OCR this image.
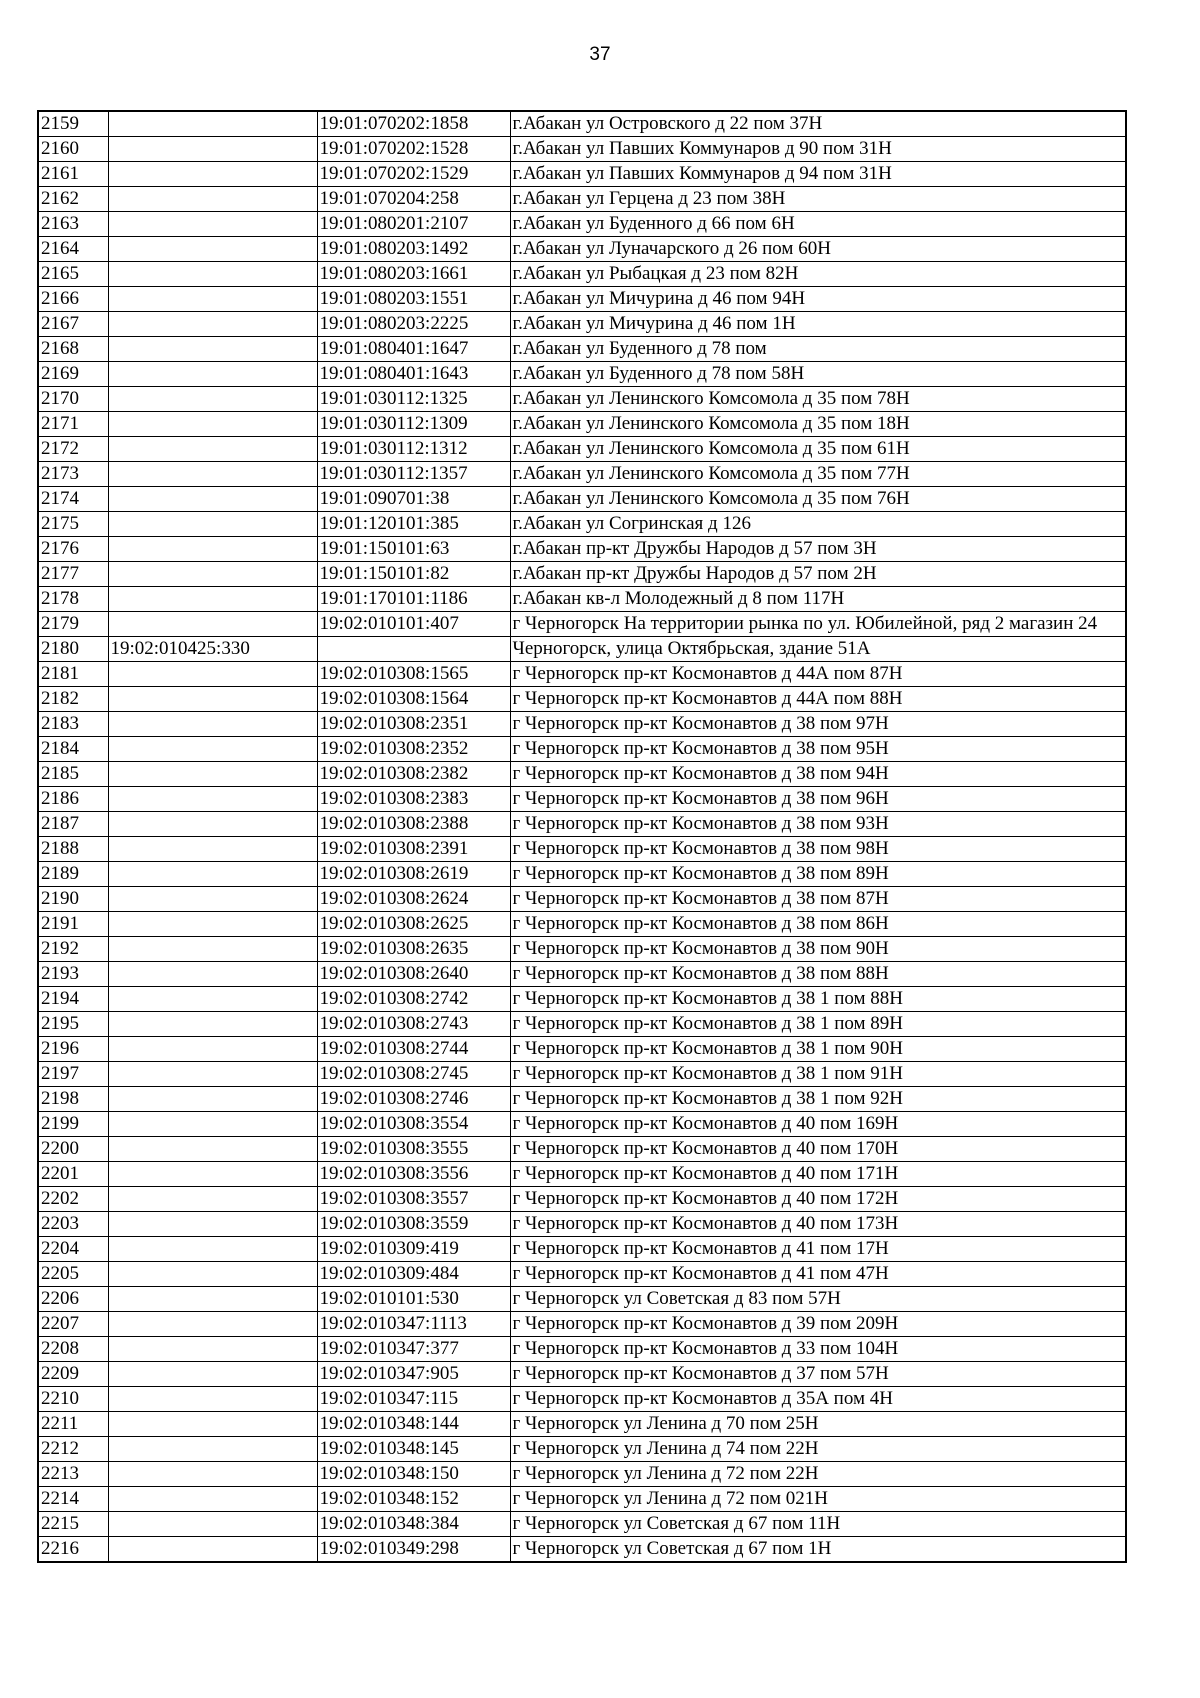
37
2159		19:01:070202:1858	г.Абакан ул Островского д 22 пом 37Н
2160		19:01:070202:1528	г.Абакан ул Павших Коммунаров д 90 пом 31Н
2161		19:01:070202:1529	г.Абакан ул Павших Коммунаров д 94 пом 31Н
2162		19:01:070204:258	г.Абакан ул Герцена д 23 пом 38Н
2163		19:01:080201:2107	г.Абакан ул Буденного д 66 пом 6Н
2164		19:01:080203:1492	г.Абакан ул Луначарского д 26 пом 60Н
2165		19:01:080203:1661	г.Абакан ул Рыбацкая д 23 пом 82Н
2166		19:01:080203:1551	г.Абакан ул Мичурина д 46 пом 94Н
2167		19:01:080203:2225	г.Абакан ул Мичурина д 46 пом 1Н
2168		19:01:080401:1647	г.Абакан ул Буденного д 78 пом
2169		19:01:080401:1643	г.Абакан ул Буденного д 78 пом 58Н
2170		19:01:030112:1325	г.Абакан ул Ленинского Комсомола д 35 пом 78Н
2171		19:01:030112:1309	г.Абакан ул Ленинского Комсомола д 35 пом 18Н
2172		19:01:030112:1312	г.Абакан ул Ленинского Комсомола д 35 пом 61Н
2173		19:01:030112:1357	г.Абакан ул Ленинского Комсомола д 35 пом 77Н
2174		19:01:090701:38	г.Абакан ул Ленинского Комсомола д 35 пом 76Н
2175		19:01:120101:385	г.Абакан ул Согринская д 126
2176		19:01:150101:63	г.Абакан пр-кт Дружбы Народов д 57 пом 3Н
2177		19:01:150101:82	г.Абакан пр-кт Дружбы Народов д 57 пом 2Н
2178		19:01:170101:1186	г.Абакан кв-л Молодежный д 8 пом 117Н
2179		19:02:010101:407	г Черногорск На территории рынка по ул. Юбилейной, ряд 2 магазин 24
2180	19:02:010425:330		Черногорск, улица Октябрьская, здание 51А
2181		19:02:010308:1565	г Черногорск пр-кт Космонавтов д 44А пом 87Н
2182		19:02:010308:1564	г Черногорск пр-кт Космонавтов д 44А пом 88Н
2183		19:02:010308:2351	г Черногорск пр-кт Космонавтов д 38 пом 97Н
2184		19:02:010308:2352	г Черногорск пр-кт Космонавтов д 38 пом 95Н
2185		19:02:010308:2382	г Черногорск пр-кт Космонавтов д 38 пом 94Н
2186		19:02:010308:2383	г Черногорск пр-кт Космонавтов д 38 пом 96Н
2187		19:02:010308:2388	г Черногорск пр-кт Космонавтов д 38 пом 93Н
2188		19:02:010308:2391	г Черногорск пр-кт Космонавтов д 38 пом 98Н
2189		19:02:010308:2619	г Черногорск пр-кт Космонавтов д 38 пом 89Н
2190		19:02:010308:2624	г Черногорск пр-кт Космонавтов д 38 пом 87Н
2191		19:02:010308:2625	г Черногорск пр-кт Космонавтов д 38 пом 86Н
2192		19:02:010308:2635	г Черногорск пр-кт Космонавтов д 38 пом 90Н
2193		19:02:010308:2640	г Черногорск пр-кт Космонавтов д 38 пом 88Н
2194		19:02:010308:2742	г Черногорск пр-кт Космонавтов д 38 1 пом 88Н
2195		19:02:010308:2743	г Черногорск пр-кт Космонавтов д 38 1 пом 89Н
2196		19:02:010308:2744	г Черногорск пр-кт Космонавтов д 38 1 пом 90Н
2197		19:02:010308:2745	г Черногорск пр-кт Космонавтов д 38 1 пом 91Н
2198		19:02:010308:2746	г Черногорск пр-кт Космонавтов д 38 1 пом 92Н
2199		19:02:010308:3554	г Черногорск пр-кт Космонавтов д 40 пом 169Н
2200		19:02:010308:3555	г Черногорск пр-кт Космонавтов д 40 пом 170Н
2201		19:02:010308:3556	г Черногорск пр-кт Космонавтов д 40 пом 171Н
2202		19:02:010308:3557	г Черногорск пр-кт Космонавтов д 40 пом 172Н
2203		19:02:010308:3559	г Черногорск пр-кт Космонавтов д 40 пом 173Н
2204		19:02:010309:419	г Черногорск пр-кт Космонавтов д 41 пом 17Н
2205		19:02:010309:484	г Черногорск пр-кт Космонавтов д 41 пом 47Н
2206		19:02:010101:530	г Черногорск ул Советская д 83 пом 57Н
2207		19:02:010347:1113	г Черногорск пр-кт Космонавтов д 39 пом 209Н
2208		19:02:010347:377	г Черногорск пр-кт Космонавтов д 33 пом 104Н
2209		19:02:010347:905	г Черногорск пр-кт Космонавтов д 37 пом 57Н
2210		19:02:010347:115	г Черногорск пр-кт Космонавтов д 35А пом 4Н
2211		19:02:010348:144	г Черногорск ул Ленина д 70 пом 25Н
2212		19:02:010348:145	г Черногорск ул Ленина д 74 пом 22Н
2213		19:02:010348:150	г Черногорск ул Ленина д 72 пом 22Н
2214		19:02:010348:152	г Черногорск ул Ленина д 72 пом 021Н
2215		19:02:010348:384	г Черногорск ул Советская д 67 пом 11Н
2216		19:02:010349:298	г Черногорск ул Советская д 67 пом 1Н
